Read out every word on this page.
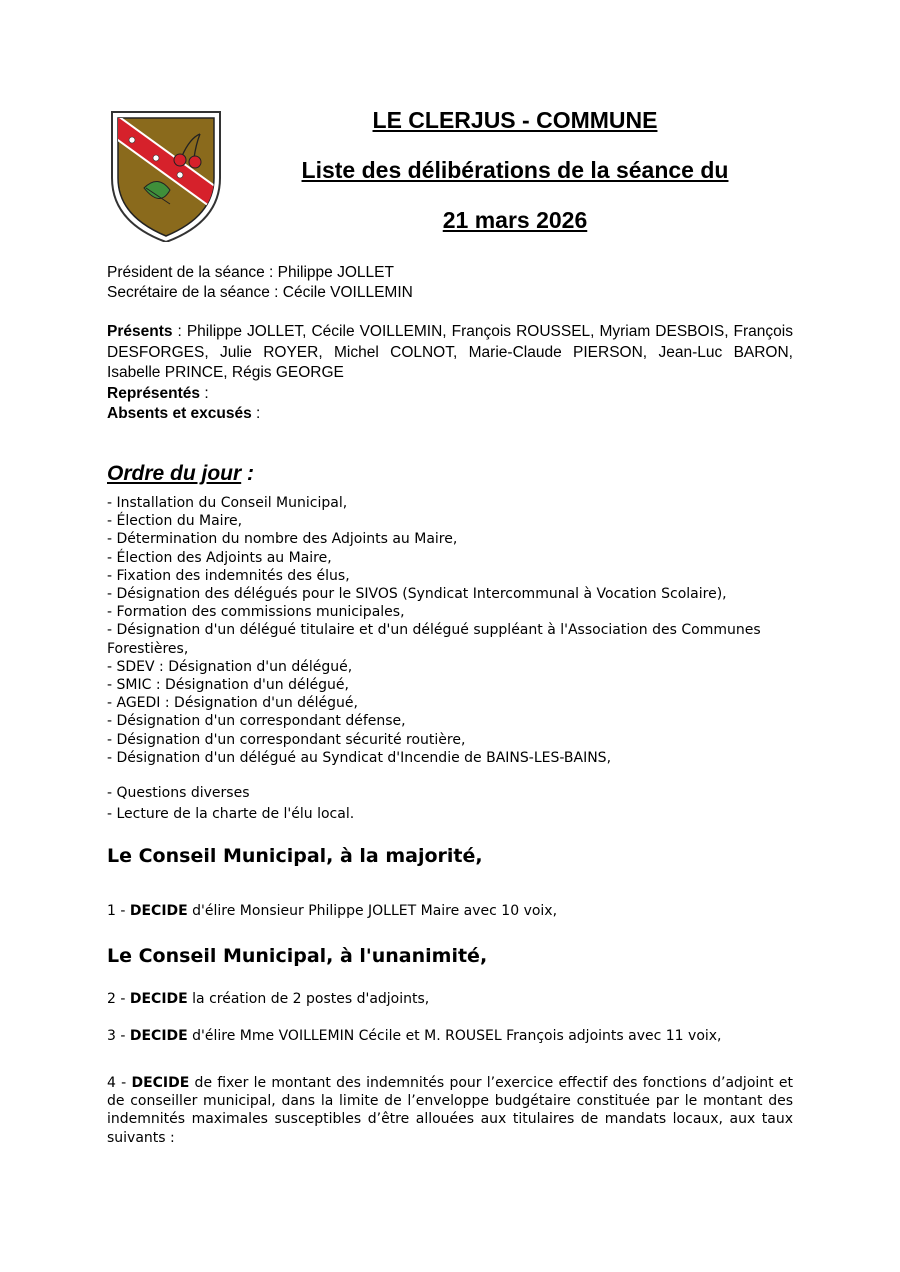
LE CLERJUS - COMMUNE
Liste des délibérations de la séance du
21 mars 2026
Président de la séance : Philippe JOLLET
Secrétaire de la séance : Cécile VOILLEMIN
Présents : Philippe JOLLET, Cécile VOILLEMIN, François ROUSSEL, Myriam DESBOIS, François DESFORGES, Julie ROYER, Michel COLNOT, Marie-Claude PIERSON, Jean-Luc BARON, Isabelle PRINCE, Régis GEORGE
Représentés :
Absents et excusés :
Ordre du jour :
- Installation du Conseil Municipal,
- Élection du Maire,
- Détermination du nombre des Adjoints au Maire,
- Élection des Adjoints au Maire,
- Fixation des indemnités des élus,
- Désignation des délégués pour le SIVOS (Syndicat Intercommunal à Vocation Scolaire),
- Formation des commissions municipales,
- Désignation d'un délégué titulaire et d'un délégué suppléant à l'Association des Communes Forestières,
- SDEV : Désignation d'un délégué,
- SMIC : Désignation d'un délégué,
- AGEDI : Désignation d'un délégué,
- Désignation d'un correspondant défense,
- Désignation d'un correspondant sécurité routière,
- Désignation d'un délégué au Syndicat d'Incendie de BAINS-LES-BAINS,
- Questions diverses
- Lecture de la charte de l'élu local.
Le Conseil Municipal, à la majorité,
1 - DECIDE d'élire Monsieur Philippe JOLLET Maire avec 10 voix,
Le Conseil Municipal, à l'unanimité,
2 - DECIDE la création de 2 postes d'adjoints,
3 - DECIDE d'élire Mme VOILLEMIN Cécile et M. ROUSEL François adjoints avec 11 voix,
4 - DECIDE de fixer le montant des indemnités pour l’exercice effectif des fonctions d’adjoint et de conseiller municipal, dans la limite de l’enveloppe budgétaire constituée par le montant des indemnités maximales susceptibles d’être allouées aux titulaires de mandats locaux, aux taux suivants :
